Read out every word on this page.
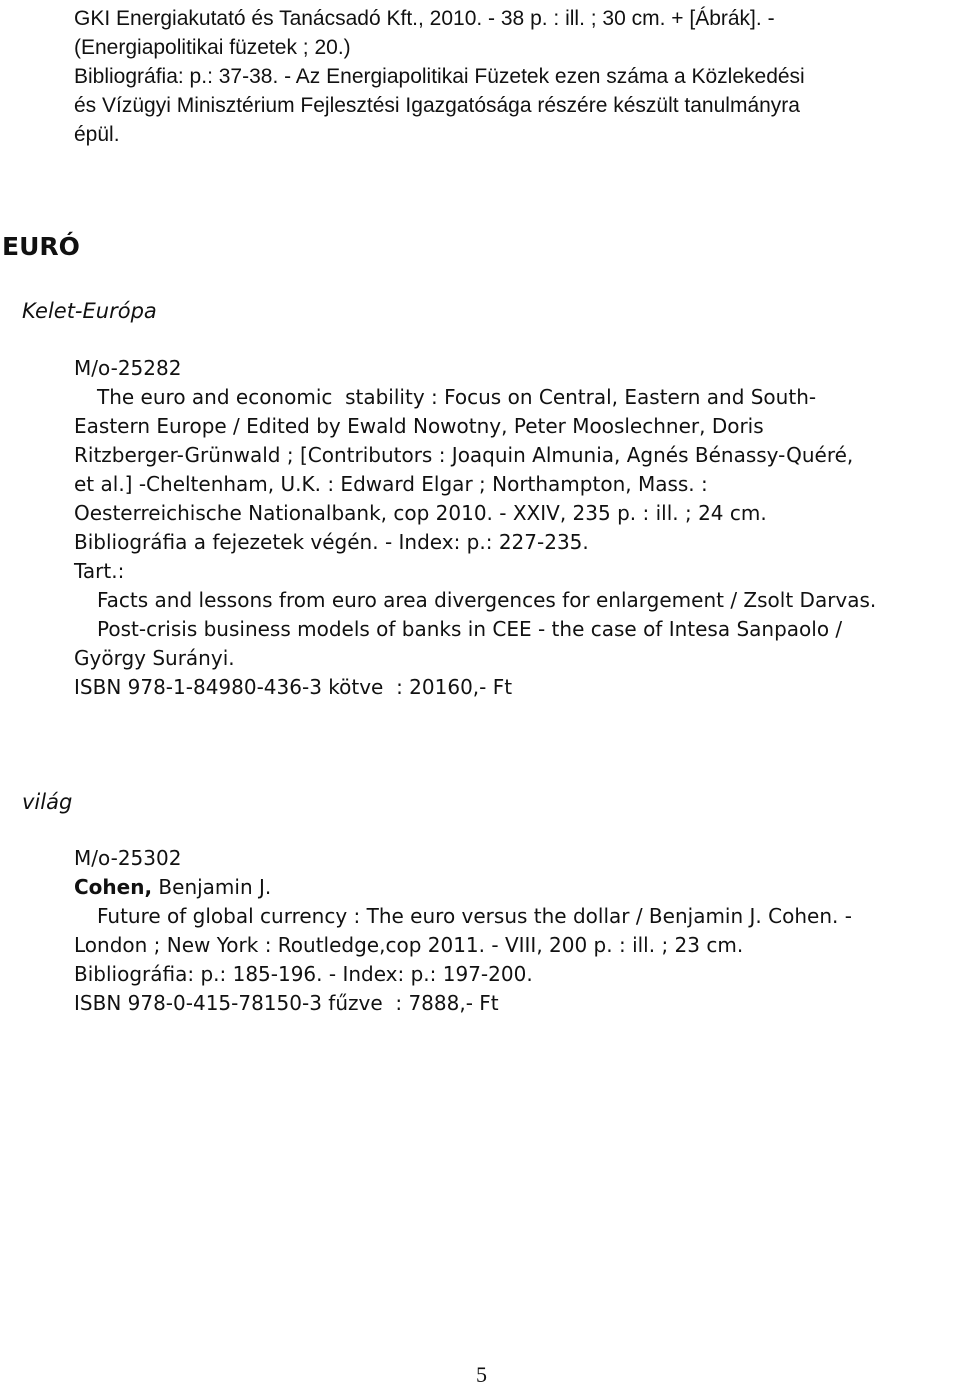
GKI Energiakutató és Tanácsadó Kft., 2010. - 38 p. : ill. ; 30 cm. + [Ábrák]. -
(Energiapolitikai füzetek ; 20.)
Bibliográfia: p.: 37-38. - Az Energiapolitikai Füzetek ezen száma a Közlekedési
és Vízügyi Minisztérium Fejlesztési Igazgatósága részére készült tanulmányra
épül.
EURÓ
Kelet-Európa
M/o-25282
The euro and economic  stability : Focus on Central, Eastern and South-
Eastern Europe / Edited by Ewald Nowotny, Peter Mooslechner, Doris
Ritzberger-Grünwald ; [Contributors : Joaquin Almunia, Agnés Bénassy-Quéré,
et al.] -Cheltenham, U.K. : Edward Elgar ; Northampton, Mass. :
Oesterreichische Nationalbank, cop 2010. - XXIV, 235 p. : ill. ; 24 cm.
Bibliográfia a fejezetek végén. - Index: p.: 227-235.
Tart.:
Facts and lessons from euro area divergences for enlargement / Zsolt Darvas.
Post-crisis business models of banks in CEE - the case of Intesa Sanpaolo /
György Surányi.
ISBN 978-1-84980-436-3 kötve  : 20160,- Ft
világ
M/o-25302
Cohen, Benjamin J.
Future of global currency : The euro versus the dollar / Benjamin J. Cohen. -
London ; New York : Routledge,cop 2011. - VIII, 200 p. : ill. ; 23 cm.
Bibliográfia: p.: 185-196. - Index: p.: 197-200.
ISBN 978-0-415-78150-3 fűzve  : 7888,- Ft
5
